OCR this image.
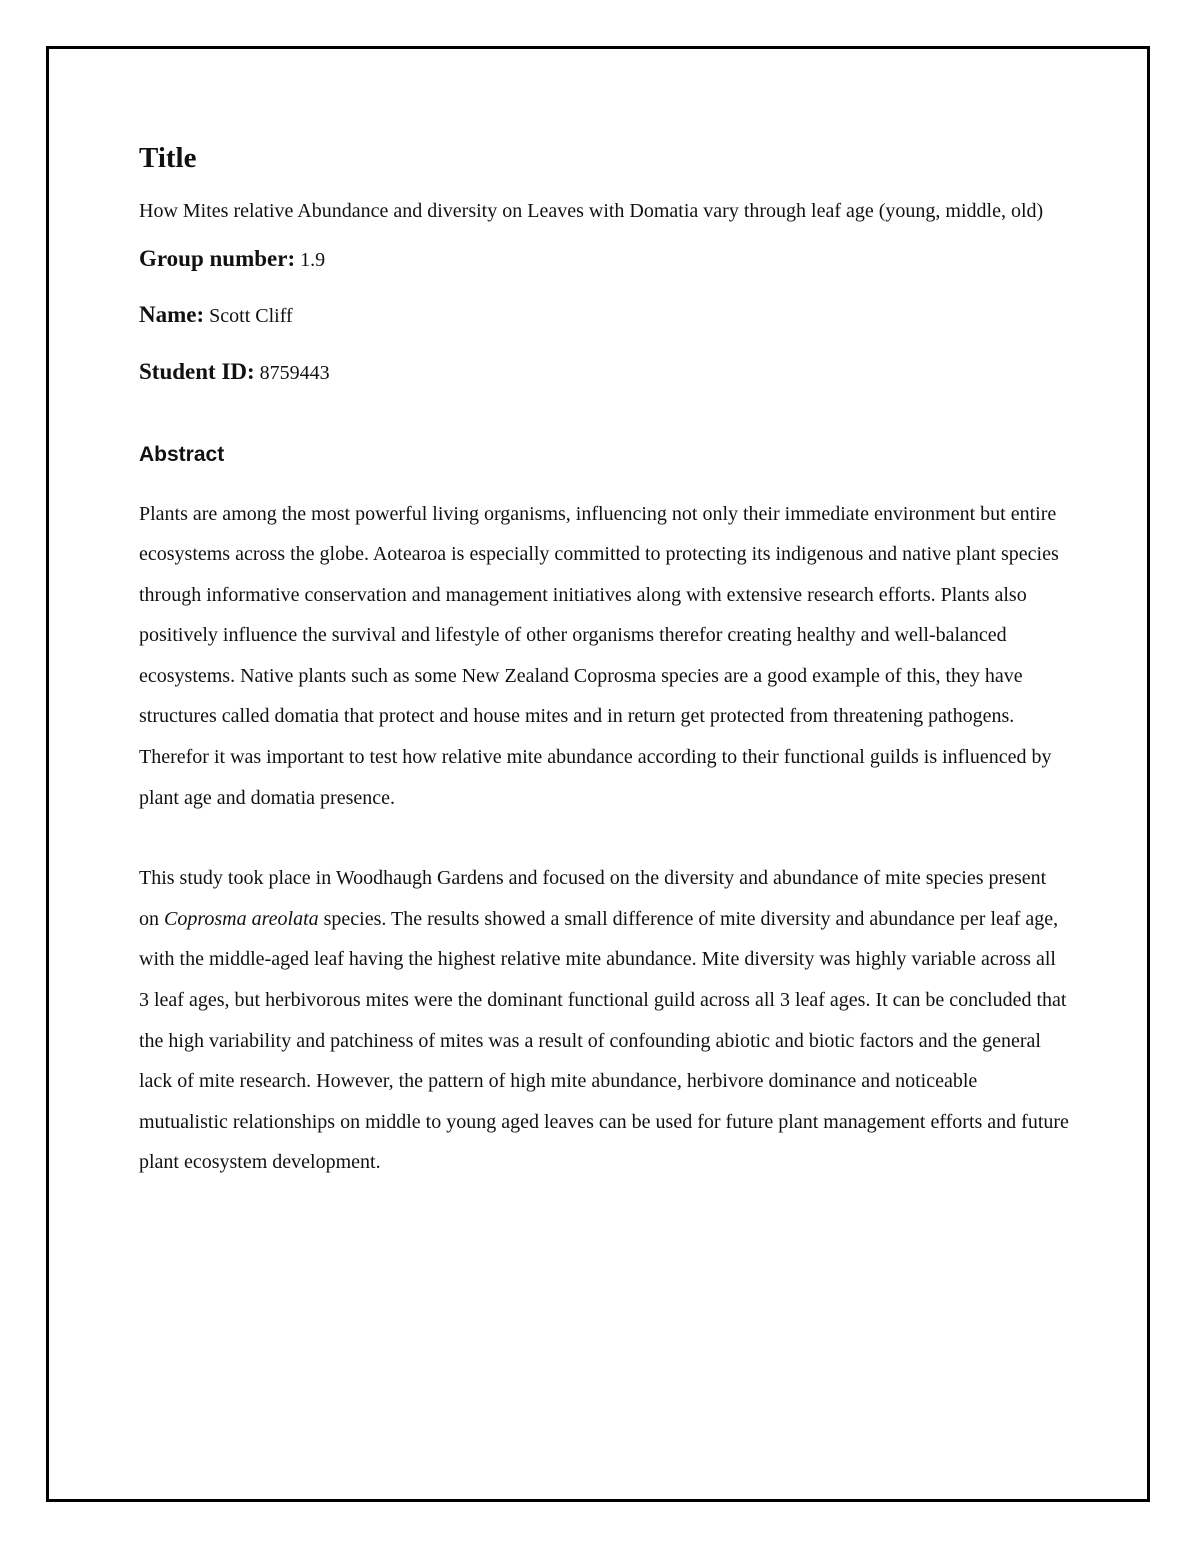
Title

How Mites relative Abundance and diversity on Leaves with Domatia vary through leaf age (young, middle, old)

Group number: 1.9

Name: Scott Cliff

Student ID: 8759443

Abstract

Plants are among the most powerful living organisms, influencing not only their immediate environment but entire ecosystems across the globe. Aotearoa is especially committed to protecting its indigenous and native plant species through informative conservation and management initiatives along with extensive research efforts. Plants also positively influence the survival and lifestyle of other organisms therefor creating healthy and well-balanced ecosystems. Native plants such as some New Zealand Coprosma species are a good example of this, they have structures called domatia that protect and house mites and in return get protected from threatening pathogens. Therefor it was important to test how relative mite abundance according to their functional guilds is influenced by plant age and domatia presence.

This study took place in Woodhaugh Gardens and focused on the diversity and abundance of mite species present on Coprosma areolata species. The results showed a small difference of mite diversity and abundance per leaf age, with the middle-aged leaf having the highest relative mite abundance. Mite diversity was highly variable across all 3 leaf ages, but herbivorous mites were the dominant functional guild across all 3 leaf ages. It can be concluded that the high variability and patchiness of mites was a result of confounding abiotic and biotic factors and the general lack of mite research. However, the pattern of high mite abundance, herbivore dominance and noticeable mutualistic relationships on middle to young aged leaves can be used for future plant management efforts and future plant ecosystem development.
